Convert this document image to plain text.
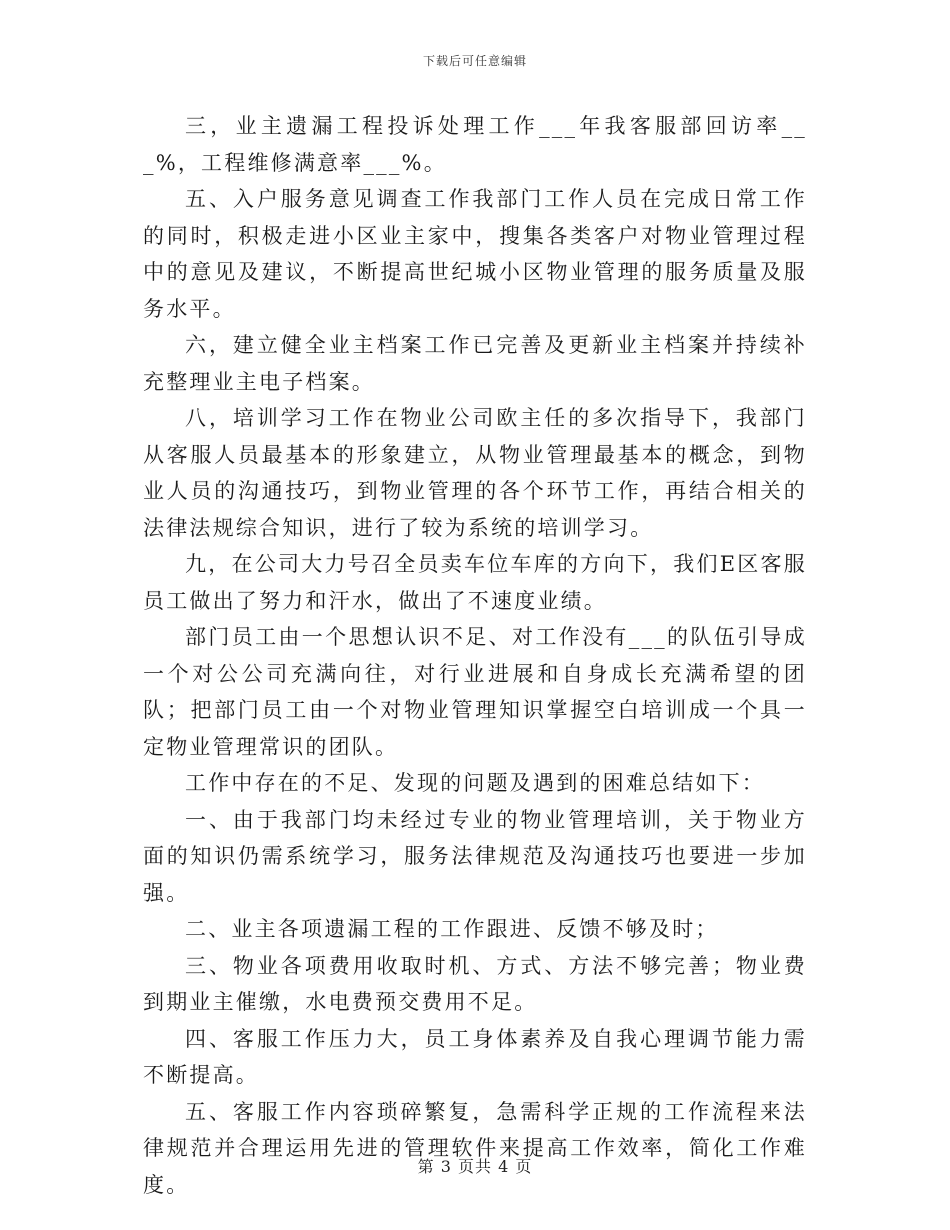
下载后可任意编辑

三，业主遗漏工程投诉处理工作___年我客服部回访率___%，工程维修满意率___%。

五、入户服务意见调查工作我部门工作人员在完成日常工作的同时，积极走进小区业主家中，搜集各类客户对物业管理过程中的意见及建议，不断提高世纪城小区物业管理的服务质量及服务水平。

六，建立健全业主档案工作已完善及更新业主档案并持续补充整理业主电子档案。

八，培训学习工作在物业公司欧主任的多次指导下，我部门从客服人员最基本的形象建立，从物业管理最基本的概念，到物业人员的沟通技巧，到物业管理的各个环节工作，再结合相关的法律法规综合知识，进行了较为系统的培训学习。

九，在公司大力号召全员卖车位车库的方向下，我们E区客服员工做出了努力和汗水，做出了不速度业绩。

部门员工由一个思想认识不足、对工作没有___的队伍引导成一个对公公司充满向往，对行业进展和自身成长充满希望的团队；把部门员工由一个对物业管理知识掌握空白培训成一个具一定物业管理常识的团队。

工作中存在的不足、发现的问题及遇到的困难总结如下：

一、由于我部门均未经过专业的物业管理培训，关于物业方面的知识仍需系统学习，服务法律规范及沟通技巧也要进一步加强。

二、业主各项遗漏工程的工作跟进、反馈不够及时；

三、物业各项费用收取时机、方式、方法不够完善；物业费到期业主催缴，水电费预交费用不足。

四、客服工作压力大，员工身体素养及自我心理调节能力需不断提高。

五、客服工作内容琐碎繁复，急需科学正规的工作流程来法律规范并合理运用先进的管理软件来提高工作效率，简化工作难度。

第 3 页共 4 页
